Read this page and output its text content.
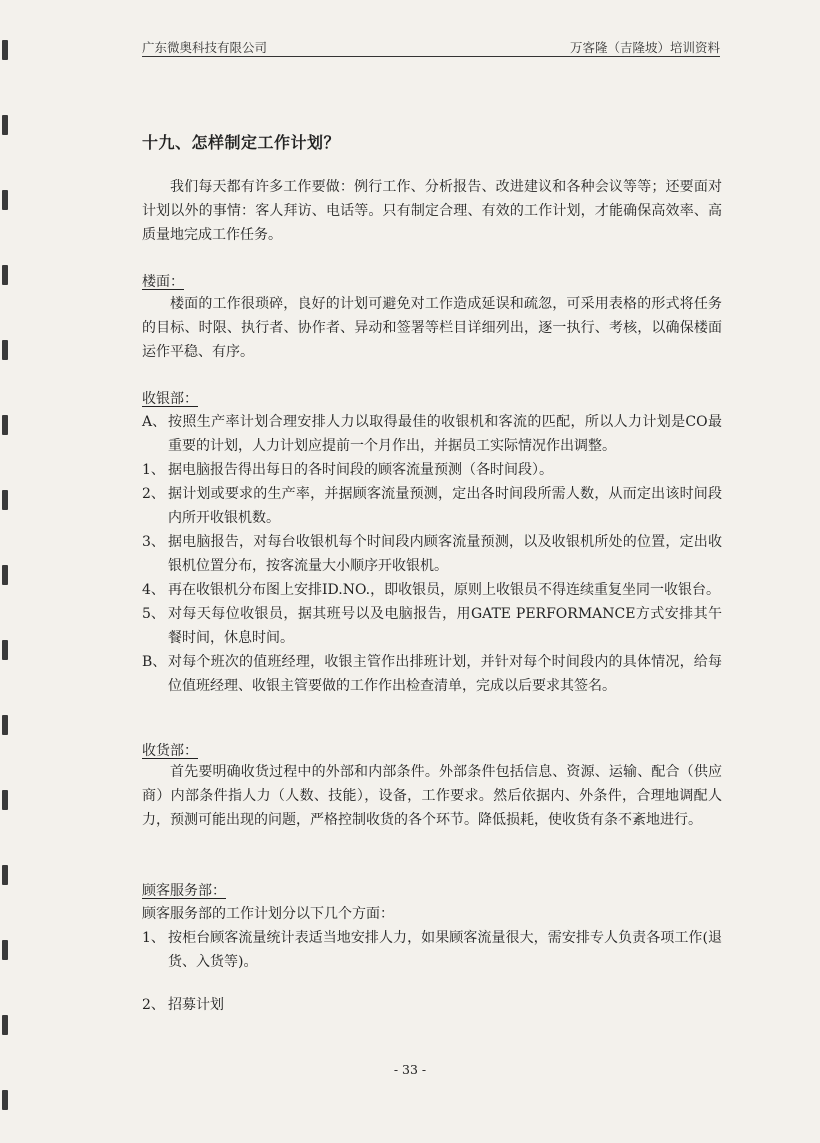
广东微奥科技有限公司	万客隆（吉隆坡）培训资料
十九、怎样制定工作计划？

我们每天都有许多工作要做：例行工作、分析报告、改进建议和各种会议等等；还要面对计划以外的事情：客人拜访、电话等。只有制定合理、有效的工作计划，才能确保高效率、高质量地完成工作任务。

楼面：

楼面的工作很琐碎，良好的计划可避免对工作造成延误和疏忽，可采用表格的形式将任务的目标、时限、执行者、协作者、异动和签署等栏目详细列出，逐一执行、考核，以确保楼面运作平稳、有序。

收银部：
A、 按照生产率计划合理安排人力以取得最佳的收银机和客流的匹配，所以人力计划是CO最重要的计划，人力计划应提前一个月作出，并据员工实际情况作出调整。
1、 据电脑报告得出每日的各时间段的顾客流量预测（各时间段）。
2、 据计划或要求的生产率，并据顾客流量预测，定出各时间段所需人数，从而定出该时间段内所开收银机数。
3、 据电脑报告，对每台收银机每个时间段内顾客流量预测，以及收银机所处的位置，定出收银机位置分布，按客流量大小顺序开收银机。
4、 再在收银机分布图上安排ID.NO.，即收银员，原则上收银员不得连续重复坐同一收银台。
5、 对每天每位收银员，据其班号以及电脑报告，用GATE PERFORMANCE方式安排其午餐时间，休息时间。
B、 对每个班次的值班经理，收银主管作出排班计划，并针对每个时间段内的具体情况，给每位值班经理、收银主管要做的工作作出检查清单，完成以后要求其签名。
收货部：

首先要明确收货过程中的外部和内部条件。外部条件包括信息、资源、运输、配合（供应商）内部条件指人力（人数、技能），设备，工作要求。然后依据内、外条件，合理地调配人力，预测可能出现的问题，严格控制收货的各个环节。降低损耗，使收货有条不紊地进行。

顾客服务部：

顾客服务部的工作计划分以下几个方面：

1、 按柜台顾客流量统计表适当地安排人力，如果顾客流量很大，需安排专人负责各项工作(退货、入货等)。
2、 招募计划
- 33 -
